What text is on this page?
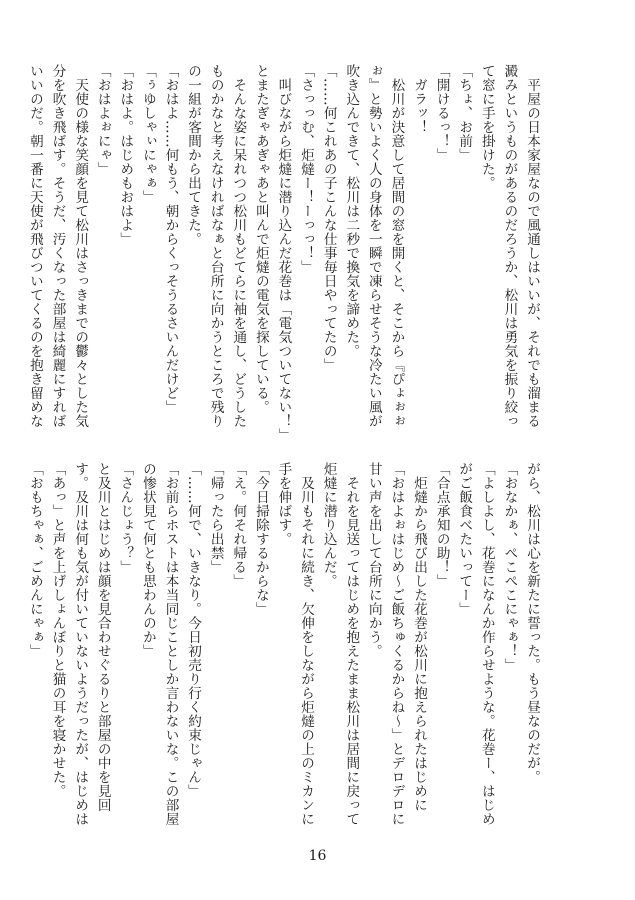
　平屋の日本家屋なので風通しはいいが、それでも溜まる

澱みというものがあるのだろうか、松川は勇気を振り絞っ

て窓に手を掛けた。

「ちょ、お前」

「開けるっ！」

　ガラッ！

　松川が決意して居間の窓を開くと、そこから『ぴょぉぉ

ぉ』と勢いよく人の身体を一瞬で凍らせそうな冷たい風が

吹き込んできて、松川は二秒で換気を諦めた。

「……何これあの子こんな仕事毎日やってたの」

「さっっむ、炬燵ー！ーっっ！」

　叫びながら炬燵に潜り込んだ花巻は「電気ついてない！」

とまたぎゃあぎゃあと叫んで炬燵の電気を探している。

　そんな姿に呆れつつ松川もどてらに袖を通し、どうした

ものかなと考えなければなぁと台所に向かうところで残り

の一組が客間から出てきた。

「おはよ……何もう、朝からくっそうるさいんだけど」

「ぅゆしゃぃにゃぁ」

「おはよ。はじめもおはよ」

「おはよぉにゃ」

　天使の様な笑顔を見て松川はさっきまでの鬱々とした気

分を吹き飛ばす。そうだ、汚くなった部屋は綺麗にすれば

いいのだ。朝一番に天使が飛びついてくるのを抱き留めな

がら、松川は心を新たに誓った。もう昼なのだが。

「おなかぁ、ぺこぺこにゃぁ！」

「よしよし、花巻になんか作らせような。花巻ー、はじめ

がご飯食べたいってー」

「合点承知の助！」

　炬燵から飛び出した花巻が松川に抱えられたはじめに

「おはよぉはじめ〜ご飯ちゅくるからね〜」とデロデロに

甘い声を出して台所に向かう。

　それを見送ってはじめを抱えたまま松川は居間に戻って

炬燵に潜り込んだ。

　及川もそれに続き、欠伸をしながら炬燵の上のミカンに

手を伸ばす。

「今日掃除するからな」

「え。何それ帰る」

「帰ったら出禁」

「……何で、いきなり。今日初売り行く約束じゃん」

「お前らホストは本当同じことしか言わないな。この部屋

の惨状見て何とも思わんのか」

「さんじょう？」

と及川とはじめは顔を見合わせぐるりと部屋の中を見回

す。及川は何も気が付いていないようだったが、はじめは

「あっ」と声を上げしょんぼりと猫の耳を寝かせた。

「おもちゃぁ、ごめんにゃぁ」

16
